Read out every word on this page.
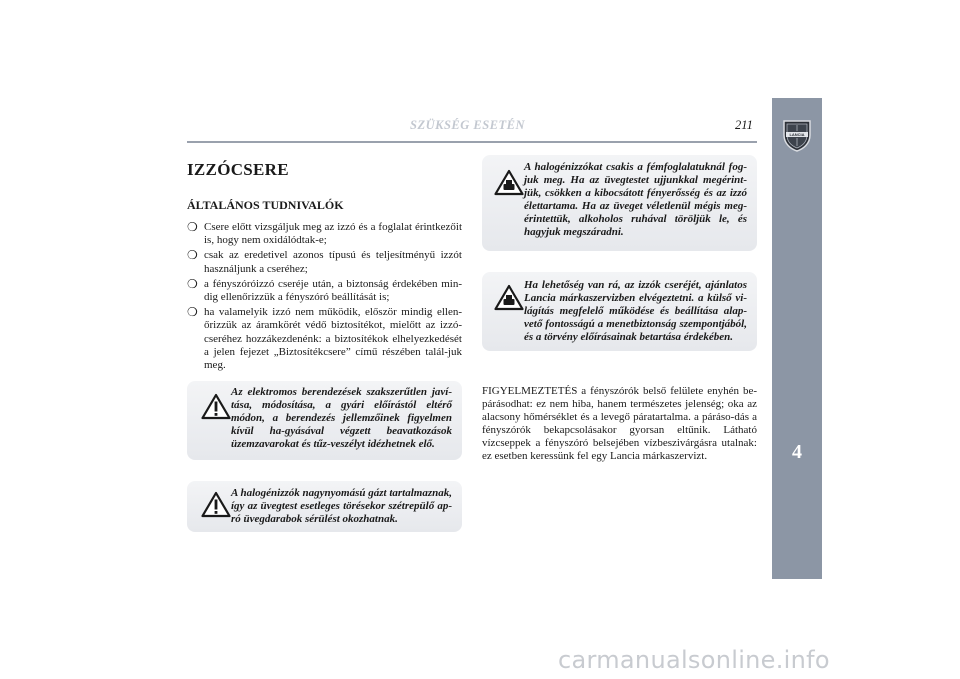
SZÜKSÉG ESETÉN	211
LANCIA
4
IZZÓCSERE
ÁLTALÁNOS TUDNIVALÓK
❍ Csere előtt vizsgáljuk meg az izzó és a foglalat érintkezőit is, hogy nem oxidálódtak-e;
❍ csak az eredetivel azonos típusú és teljesítményű izzót használjunk a cseréhez;
❍ a fényszóróizzó cseréje után, a biztonság érdekében min-dig ellenőrizzük a fényszóró beállítását is;
❍ ha valamelyik izzó nem működik, először mindig ellen-őrizzük az áramkörét védő biztosítékot, mielőtt az izzó-cseréhez hozzákezdenénk: a biztosítékok elhelyezkedését a jelen fejezet „Biztosítékcsere” című részében talál-juk meg.
Az elektromos berendezések szakszerűtlen javí-tása, módosítása, a gyári előírástól eltérő módon, a berendezés jellemzőinek figyelmen kívül ha-gyásával végzett beavatkozások üzemzavarokat és tűz-veszélyt idézhetnek elő.
A halogénizzók nagynyomású gázt tartalmaznak, így az üvegtest esetleges törésekor szétrepülő ap-ró üvegdarabok sérülést okozhatnak.
A halogénizzókat csakis a fémfoglalatuknál fog-juk meg. Ha az üvegtestet ujjunkkal megérint-jük, csökken a kibocsátott fényerősség és az izzó élettartama. Ha az üveget véletlenül mégis meg-érintettük, alkoholos ruhával töröljük le, és hagyjuk megszáradni.
Ha lehetőség van rá, az izzók cseréjét, ajánlatos Lancia márkaszervizben elvégeztetni. a külső vi-lágítás megfelelő működése és beállítása alap-vető fontosságú a menetbiztonság szempontjából, és a törvény előírásainak betartása érdekében.
FIGYELMEZTETÉS a fényszórók belső felülete enyhén be-párásodhat: ez nem hiba, hanem természetes jelenség; oka az alacsony hőmérséklet és a levegő páratartalma. a páráso-dás a fényszórók bekapcsolásakor gyorsan eltűnik. Látható vízcseppek a fényszóró belsejében vízbeszivárgásra utalnak: ez esetben keressünk fel egy Lancia márkaszervizt.
carmanualsonline.info
